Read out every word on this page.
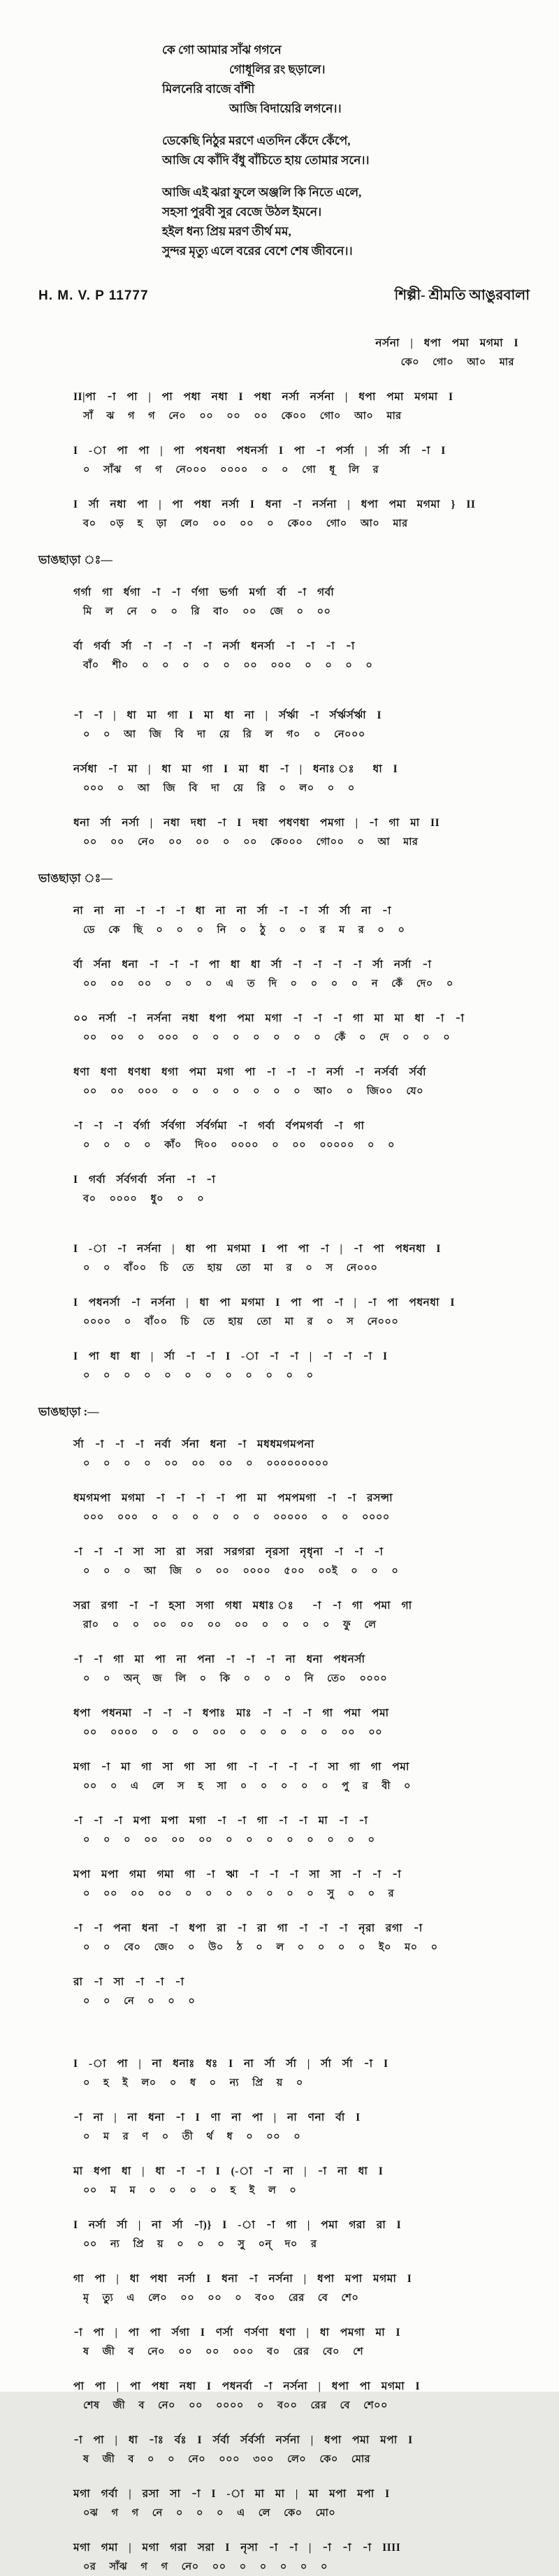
কে গো আমার সাঁঝ গগনে
গোধূলির রং ছড়ালে।
মিলনেরি বাজে বাঁশী
আজি বিদায়েরি লগনে।।
ডেকেছি নিঠুর মরণে এতদিন কেঁদে কেঁপে,
আজি যে কাঁদি বঁধু বাঁচিতে হায় তোমার সনে।।
আজি এই ঝরা ফুলে অঞ্জলি কি নিতে এলে,
সহসা পুরবী সুর বেজে উঠল ইমনে।
হইল ধন্য প্রিয় মরণ তীর্থ মম,
সুন্দর মৃত্যু এলে বরের বেশে শেষ জীবনে।।
H. M. V. P 11777	শিল্পী- শ্রীমতি আঙুরবালা
নর্সনা | ধপা পমা মগমা I
কে০ গো০ আ০ মার
II|পা -া পা | পা পধা নধা I পধা নর্সা নর্সনা | ধপা পমা মগমা I
সাঁ ঝ গ গ নে০ ০০ ০০ ০০ কে০০ গো০ আ০ মার
I -া পা পা | পা পধনধা পধনর্সা I পা -া পর্সা | র্সা র্সা -া I
০ সাঁঝ গ গ নে০০০ ০০০০ ০ ০ গো ধূ লি র
I র্সা নধা পা | পা পধা নর্সা I ধনা -া নর্সনা | ধপা পমা মগমা } II
ব০ ০ড় হ ড়া লে০ ০০ ০০ ০ কে০০ গো০ আ০ মার
ভাঙছাড়া ঃ—
গর্গা গা র্ধগা -া -া র্ণগা ভর্গা মর্গা র্বা -া গর্বা
মি ল নে ০ ০ রি বা০ ০০ জে ০ ০০
র্বা গর্বা র্সা -া -া -া -া নর্সা ধনর্সা -া -া -া -া
বাঁ০ শী০ ০ ০ ০ ০ ০ ০০ ০০০ ০ ০ ০ ০
-া -া | ধা মা গা I মা ধা না | র্সর্ঋা -া র্সর্ঋর্সর্ঋা I
০ ০ আ জি বি দা য়ে রি ল গ০ ০ নে০০০
নর্সধা -া মা | ধা মা গা I মা ধা -া | ধনাঃ ঃ ধা I
০০০ ০ আ জি বি দা য়ে রি ০ ল০ ০ ০
ধনা র্সা নর্সা | নধা দধা -া I দধা পধণধা পমগা | -া গা মা II
০০ ০০ নে০ ০০ ০০ ০ ০০ কে০০০ গো০০ ০ আ মার
ভাঙছাড়া ঃ—
না না না -া -া -া ধা না না র্সা -া -া র্সা র্সা না -া
ডে কে ছি ০ ০ ০ নি ০ ঠু ০ ০ র ম র ০ ০
র্বা র্সনা ধনা -া -া -া পা ধা ধা র্সা -া -া -া -া র্সা নর্সা -া
০০ ০০ ০০ ০ ০ ০ এ ত দি ০ ০ ০ ০ ন কেঁ দে০ ০
০০ নর্সা -া নর্সনা নধা ধপা পমা মগা -া -া -া গা মা মা ধা -া -া
০০ ০০ ০ ০০০ ০ ০ ০ ০ ০ ০ ০ কেঁ ০ দে ০ ০ ০
ধণা ধণা ধণধা ধগা পমা মগা পা -া -া -া নর্সা -া নর্সর্বা র্সর্বা
০০ ০০ ০০০ ০ ০ ০ ০ ০ ০ ০ আ০ ০ জি০০ যে০
-া -া -া র্বর্গা র্সর্বগা র্সর্বর্গমা -া গর্বা র্বপমগর্বা -া গা
০ ০ ০ ০ কাঁ০ দি০০ ০০০০ ০ ০০ ০০০০০ ০ ০
I গর্বা র্সর্বগর্বা র্সনা -া -া
ব০ ০০০০ ধু০ ০ ০
I -া -া নর্সনা | ধা পা মগমা I পা পা -া | -া পা পধনধা I
০ ০ বাঁ০০ চি তে হায় তো মা র ০ স নে০০০
I পধনর্সা -া নর্সনা | ধা পা মগমা I পা পা -া | -া পা পধনধা I
০০০০ ০ বাঁ০০ চি তে হায় তো মা র ০ স নে০০০
I পা ধা ধা | র্সা -া -া I -া -া -া | -া -া -া I
০ ০ ০ ০ ০ ০ ০ ০ ০ ০ ০ ০
ভাঙছাড়া :—
র্সা -া -া -া নর্বা র্সনা ধনা -া মধধমগমপনা
০ ০ ০ ০ ০০ ০০ ০০ ০ ০০০০০০০০০
ধমগমপা মগমা -া -া -া -া পা মা পমপমগা -া -া রসন্সা
০০০ ০০০ ০ ০ ০ ০ ০ ০ ০০০০০ ০ ০ ০০০০
-া -া -া সা সা রা সরা সরগরা নৃরসা নৃধৃনা -া -া -া
০ ০ ০ আ জি ০ ০০ ০০০০ ৫০০ ০০ই ০ ০ ০
সরা রগা -া -া হসা সগা গধা মধাঃ ঃ -া -া গা পমা গা
রা০ ০ ০ ০০ ০০ ০০ ০০ ০ ০ ০ ০ ফু লে
-া -া গা মা পা না পনা -া -া -া না ধনা পধনর্সা
০ ০ অন্ জ লি ০ কি ০ ০ ০ নি তে০ ০০০০
ধপা পধনমা -া -া -া ধপাঃ মাঃ -া -া -া গা পমা পমা
০০ ০০০০ ০ ০ ০ ০০ ০ ০ ০ ০ ০ ০০ ০০
মগা -া মা গা সা গা সা গা -া -া -া -া সা গা গা পমা
০০ ০ এ লে স হ সা ০ ০ ০ ০ ০ পু র বী ০
-া -া -া মপা মপা মগা -া -া গা -া -া মা -া -া
০ ০ ০ ০০ ০০ ০০ ০ ০ ০ ০ ০ ০ ০ ০
মপা মপা গমা গমা গা -া ঋা -া -া -া সা সা -া -া -া
০ ০০ ০০ ০০ ০ ০ ০ ০ ০ ০ ০ সু ০ ০ র
-া -া পনা ধনা -া ধপা রা -া রা গা -া -া -া নৃরা রগা -া
০ ০ বে০ জে০ ০ উ০ ঠ ০ ল ০ ০ ০ ০ ই০ ম০ ০
রা -া সা -া -া -া
০ ০ নে ০ ০ ০
I -া পা | না ধনাঃ ধঃ I না র্সা র্সা | র্সা র্সা -া I
০ হ ই ল০ ০ ধ ০ ন্য প্রি য় ০
-া না | না ধনা -া I ণা না পা | না ণনা র্বা I
০ ম র ণ ০ তী র্থ ধ ০ ০০ ০
মা ধপা ধা | ধা -া -া I (-া -া না | -া না ধা I
০০ ম ম ০ ০ ০ ০ হ ই ল ০
I নর্সা র্সা | না র্সা -া)} I -া -া গা | পমা গরা রা I
০০ ন্য প্রি য় ০ ০ ০ সু ০ন্ দ০ র
গা পা | ধা পধা নর্সা I ধনা -া নর্সনা | ধপা মপা মগমা I
মৃ ত্যু এ লে০ ০০ ০০ ০ ব০০ রের বে শে০
-া পা | পা পা র্সগা I ণর্সা ণর্সণা ধণা | ধা পমগা মা I
ষ জী ব নে০ ০০ ০০ ০০০ ব০ রের বে০ শে
পা পা | পা পধা নধা I পধনর্বা -া নর্সনা | ধপা পা মগমা I
শেষ জী ব নে০ ০০ ০০০০ ০ ব০০ রের বে শে০০
-া পা | ধা -াঃ র্বঃ I র্সর্বা র্সর্বর্সা নর্সনা | ধপা পমা মপা I
ষ জী ব ০ ০ নে০ ০০০ ৩০০ লে০ কে০ মোর
মগা গর্বা | রসা সা -া I -া মা মা | মা মপা মপা I
০ঝ গ গ নে ০ ০ ০ এ লে কে০ মো০
মগা গমা | মগা গরা সরা I নৃসা -া -া | -া -া -া IIII
০র সাঁঝ গ গ নে০ ০০ ০ ০ ০ ০ ০
